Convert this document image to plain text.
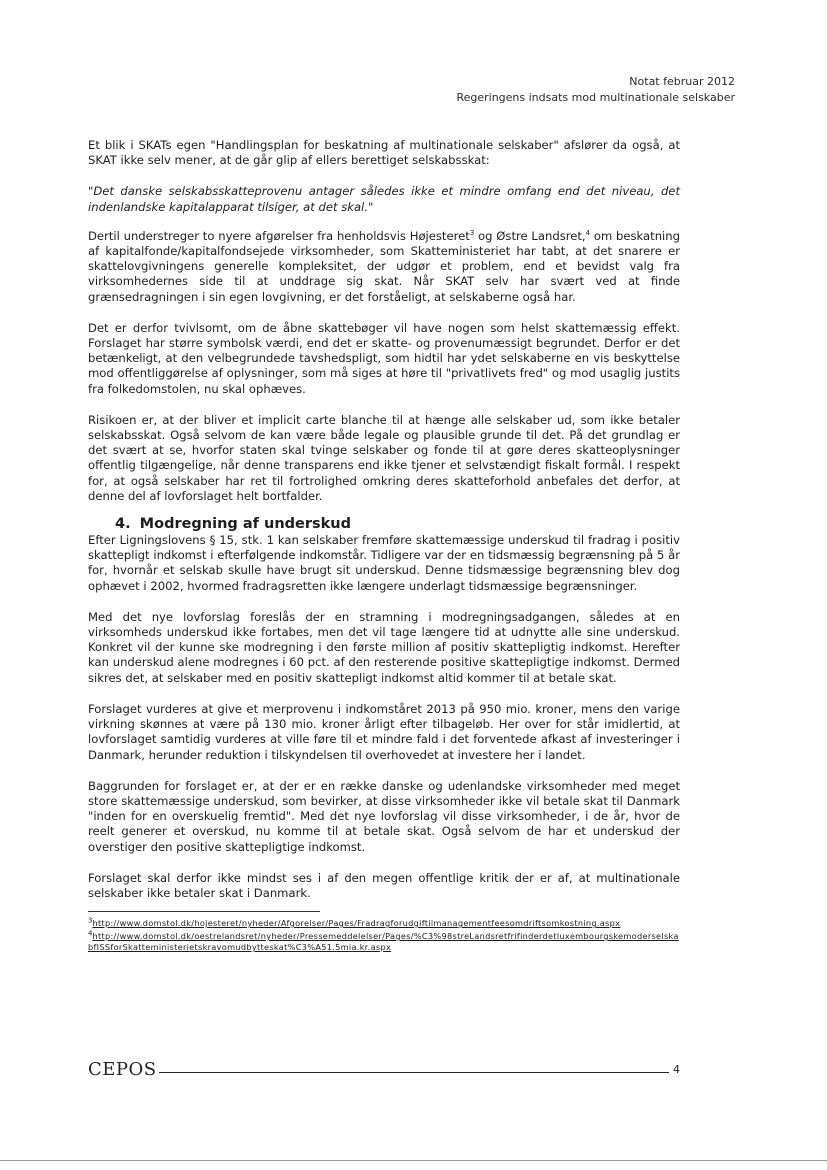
Notat februar 2012
Regeringens indsats mod multinationale selskaber

Et blik i SKATs egen "Handlingsplan for beskatning af multinationale selskaber" afslører da også, at SKAT ikke selv mener, at de går glip af ellers berettiget selskabsskat:

"Det danske selskabsskatteprovenu antager således ikke et mindre omfang end det niveau, det indenlandske kapitalapparat tilsiger, at det skal."

Dertil understreger to nyere afgørelser fra henholdsvis Højesteret$^3$ og Østre Landsret,$^4$ om beskatning af kapitalfonde/kapitalfondsejede virksomheder, som Skatteministeriet har tabt, at det snarere er skattelovgivningens generelle kompleksitet, der udgør et problem, end et bevidst valg fra virksomhedernes side til at unddrage sig skat. Når SKAT selv har svært ved at finde grænsedragningen i sin egen lovgivning, er det forståeligt, at selskaberne også har.

Det er derfor tvivlsomt, om de åbne skattebøger vil have nogen som helst skattemæssig effekt. Forslaget har større symbolsk værdi, end det er skatte- og provenumæssigt begrundet. Derfor er det betænkeligt, at den velbegrundede tavshedspligt, som hidtil har ydet selskaberne en vis beskyttelse mod offentliggørelse af oplysninger, som må siges at høre til "privatlivets fred" og mod usaglig justits fra folkedomstolen, nu skal ophæves.

Risikoen er, at der bliver et implicit carte blanche til at hænge alle selskaber ud, som ikke betaler selskabsskat. Også selvom de kan være både legale og plausible grunde til det. På det grundlag er det svært at se, hvorfor staten skal tvinge selskaber og fonde til at gøre deres skatteoplysninger offentlig tilgængelige, når denne transparens end ikke tjener et selvstændigt fiskalt formål. I respekt for, at også selskaber har ret til fortrolighed omkring deres skatteforhold anbefales det derfor, at denne del af lovforslaget helt bortfalder.

4. Modregning af underskud

Efter Ligningslovens § 15, stk. 1 kan selskaber fremføre skattemæssige underskud til fradrag i positiv skattepligt indkomst i efterfølgende indkomstår. Tidligere var der en tidsmæssig begrænsning på 5 år for, hvornår et selskab skulle have brugt sit underskud. Denne tidsmæssige begrænsning blev dog ophævet i 2002, hvormed fradragsretten ikke længere underlagt tidsmæssige begrænsninger.

Med det nye lovforslag foreslås der en stramning i modregningsadgangen, således at en virksomheds underskud ikke fortabes, men det vil tage længere tid at udnytte alle sine underskud. Konkret vil der kunne ske modregning i den første million af positiv skattepligtig indkomst. Herefter kan underskud alene modregnes i 60 pct. af den resterende positive skattepligtige indkomst. Dermed sikres det, at selskaber med en positiv skattepligt indkomst altid kommer til at betale skat.

Forslaget vurderes at give et merprovenu i indkomståret 2013 på 950 mio. kroner, mens den varige virkning skønnes at være på 130 mio. kroner årligt efter tilbageløb. Her over for står imidlertid, at lovforslaget samtidig vurderes at ville føre til et mindre fald i det forventede afkast af investeringer i Danmark, herunder reduktion i tilskyndelsen til overhovedet at investere her i landet.

Baggrunden for forslaget er, at der er en række danske og udenlandske virksomheder med meget store skattemæssige underskud, som bevirker, at disse virksomheder ikke vil betale skat til Danmark "inden for en overskuelig fremtid". Med det nye lovforslag vil disse virksomheder, i de år, hvor de reelt generer et overskud, nu komme til at betale skat. Også selvom de har et underskud der overstiger den positive skattepligtige indkomst.

Forslaget skal derfor ikke mindst ses i af den megen offentlige kritik der er af, at multinationale selskaber ikke betaler skat i Danmark.

$^3$http://www.domstol.dk/hojesteret/nyheder/Afgorelser/Pages/Fradragforudgiftilmanagementfeesomdriftsomkostning.aspx
$^4$http://www.domstol.dk/oestrelandsret/nyheder/Pressemeddelelser/Pages/%C3%98streLandsretfrifinderdetluxembourgskemoderselskabfISSforSkatteministerietskravomudbytteskat%C3%A51.5mia.kr.aspx
CEPOS	4
